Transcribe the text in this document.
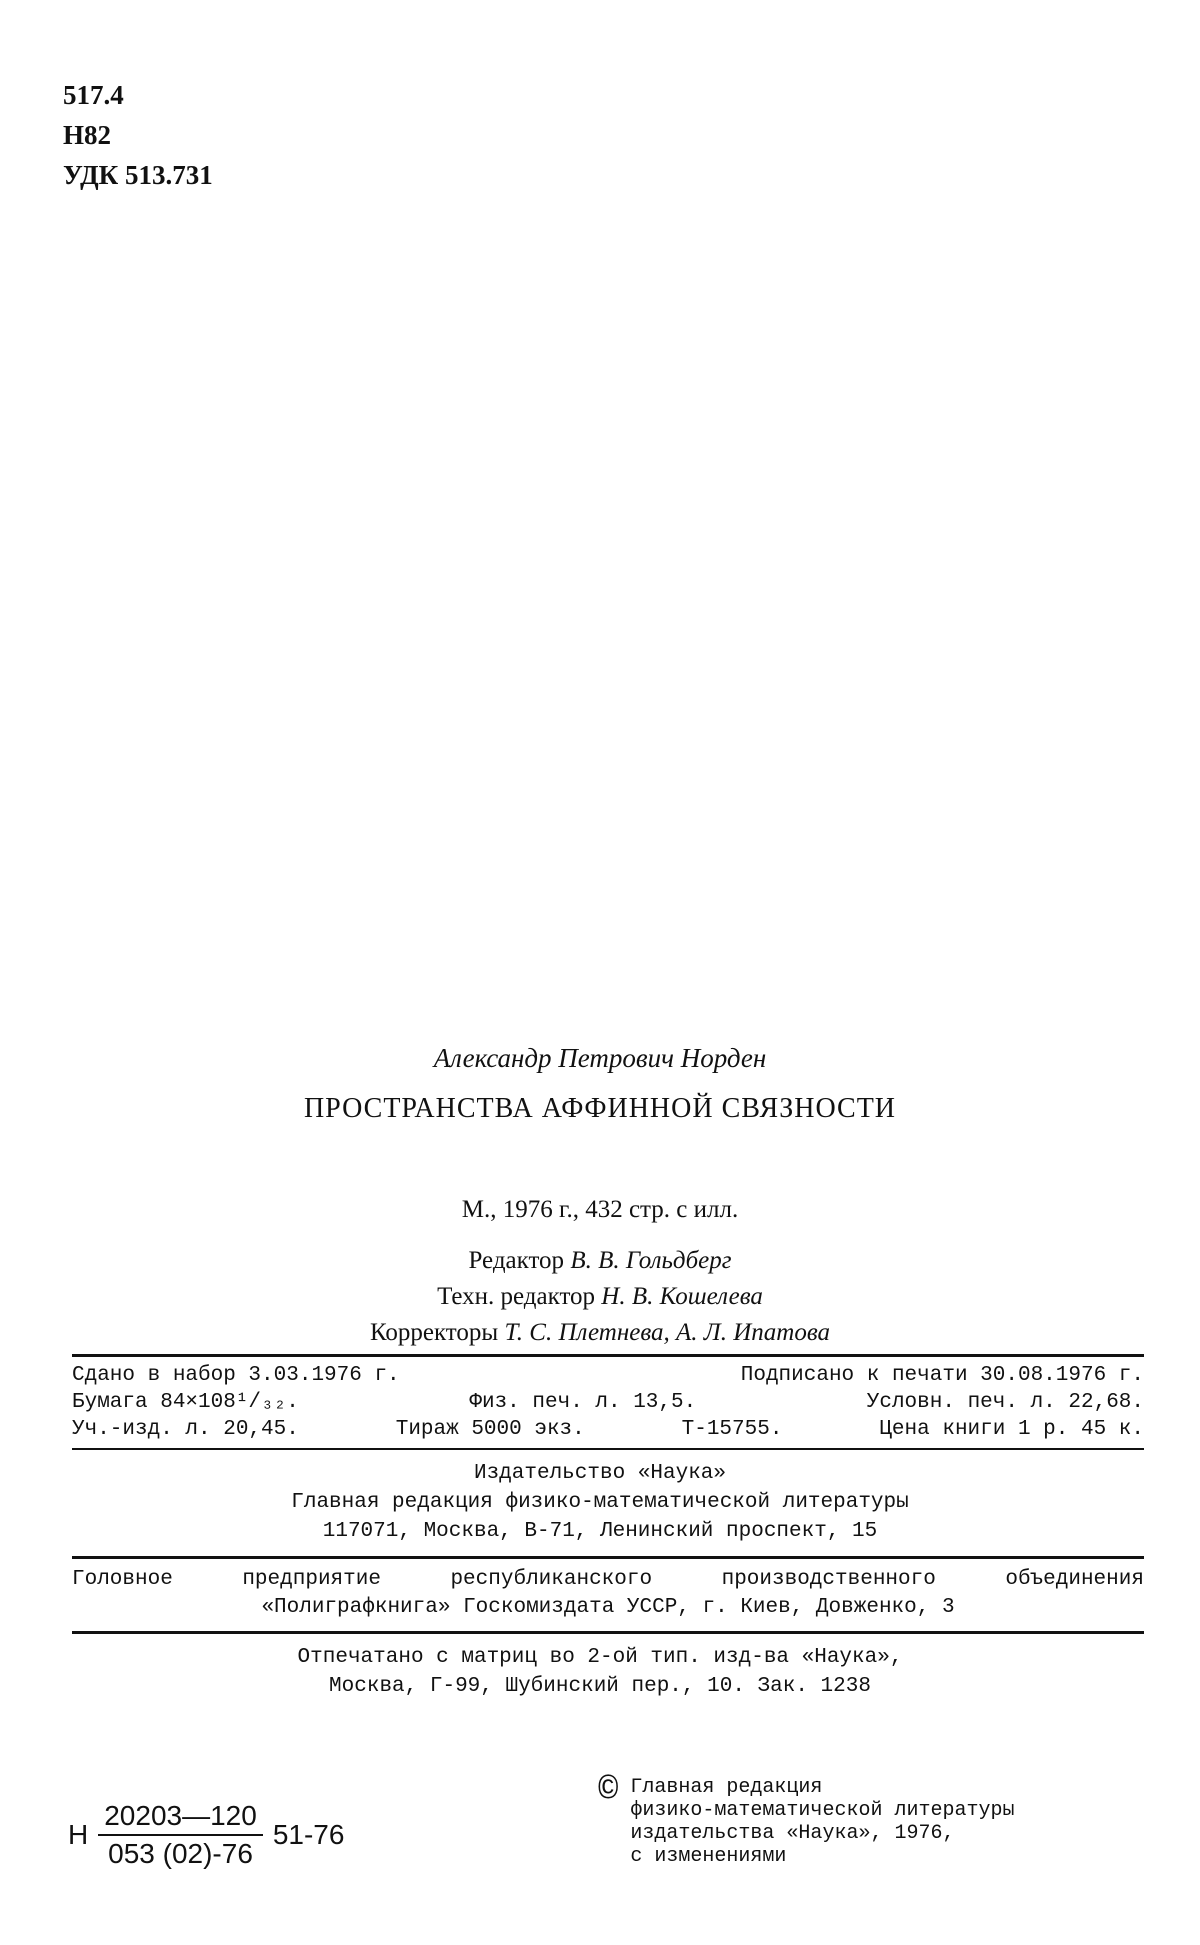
517.4
Н82
УДК 513.731
Александр Петрович Норден
ПРОСТРАНСТВА АФФИННОЙ СВЯЗНОСТИ
М., 1976 г., 432 стр. с илл.
Редактор В. В. Гольдберг
Техн. редактор Н. В. Кошелева
Корректоры Т. С. Плетнева, А. Л. Ипатова
Сдано в набор 3.03.1976 г.	Подписано к печати 30.08.1976 г.
Бумага 84×108¹/₃₂.	Физ. печ. л. 13,5.	Условн. печ. л. 22,68.
Уч.-изд. л. 20,45.	Тираж 5000 экз.	Т-15755.	Цена книги 1 р. 45 к.
Издательство «Наука»
Главная редакция физико-математической литературы
117071, Москва, В-71, Ленинский проспект, 15
Головное	предприятие	республиканского	производственного	объединения
«Полиграфкнига» Госкомиздата УССР, г. Киев, Довженко, 3
Отпечатано с матриц во 2-ой тип. изд-ва «Наука»,
Москва, Г-99, Шубинский пер., 10. Зак. 1238
Н $\frac{20203—120}{053 (02)-76} 51-76$
© Главная редакция
физико-математической литературы
издательства «Наука», 1976,
с изменениями
